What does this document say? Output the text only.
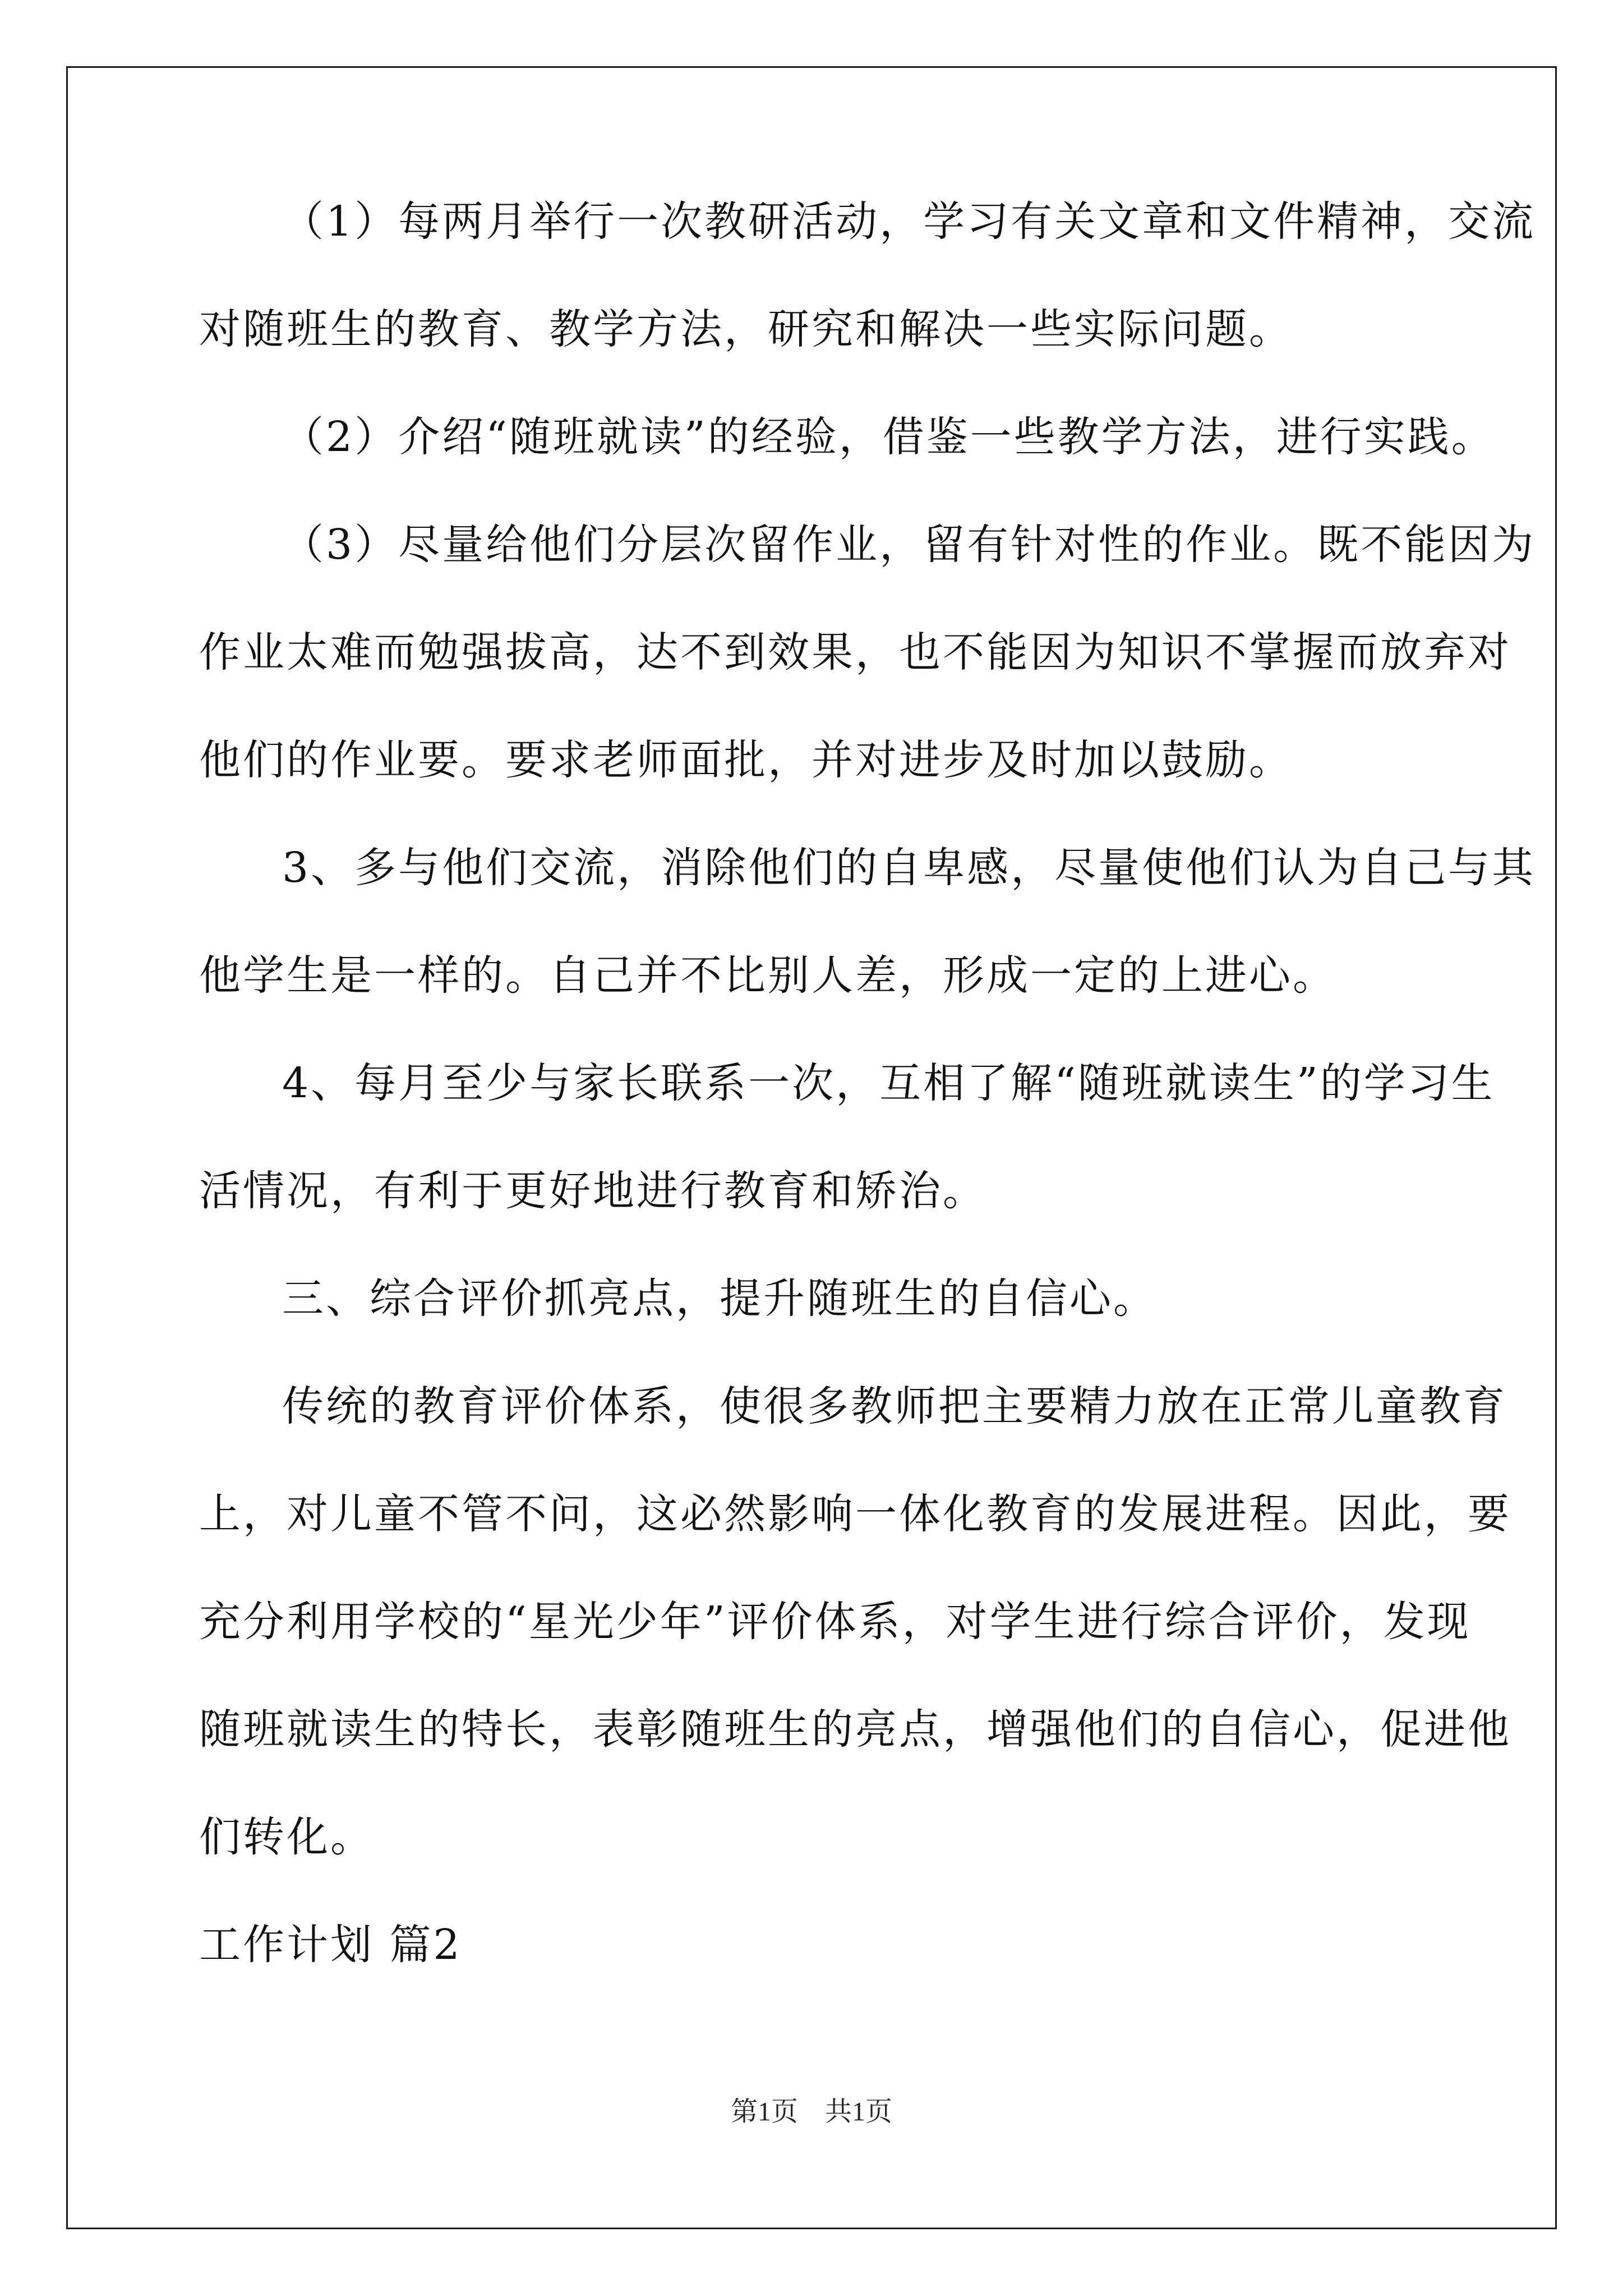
（1）每两月举行一次教研活动，学习有关文章和文件精神，交流
对随班生的教育、教学方法，研究和解决一些实际问题。
（2）介绍“随班就读”的经验，借鉴一些教学方法，进行实践。
（3）尽量给他们分层次留作业，留有针对性的作业。既不能因为
作业太难而勉强拔高，达不到效果，也不能因为知识不掌握而放弃对
他们的作业要。要求老师面批，并对进步及时加以鼓励。
3、多与他们交流，消除他们的自卑感，尽量使他们认为自己与其
他学生是一样的。自己并不比别人差，形成一定的上进心。
4、每月至少与家长联系一次，互相了解“随班就读生”的学习生
活情况，有利于更好地进行教育和矫治。
三、综合评价抓亮点，提升随班生的自信心。
传统的教育评价体系，使很多教师把主要精力放在正常儿童教育
上，对儿童不管不问，这必然影响一体化教育的发展进程。因此，要
充分利用学校的“星光少年”评价体系，对学生进行综合评价，发现
随班就读生的特长，表彰随班生的亮点，增强他们的自信心，促进他
们转化。
工作计划 篇2
第1页　共1页
